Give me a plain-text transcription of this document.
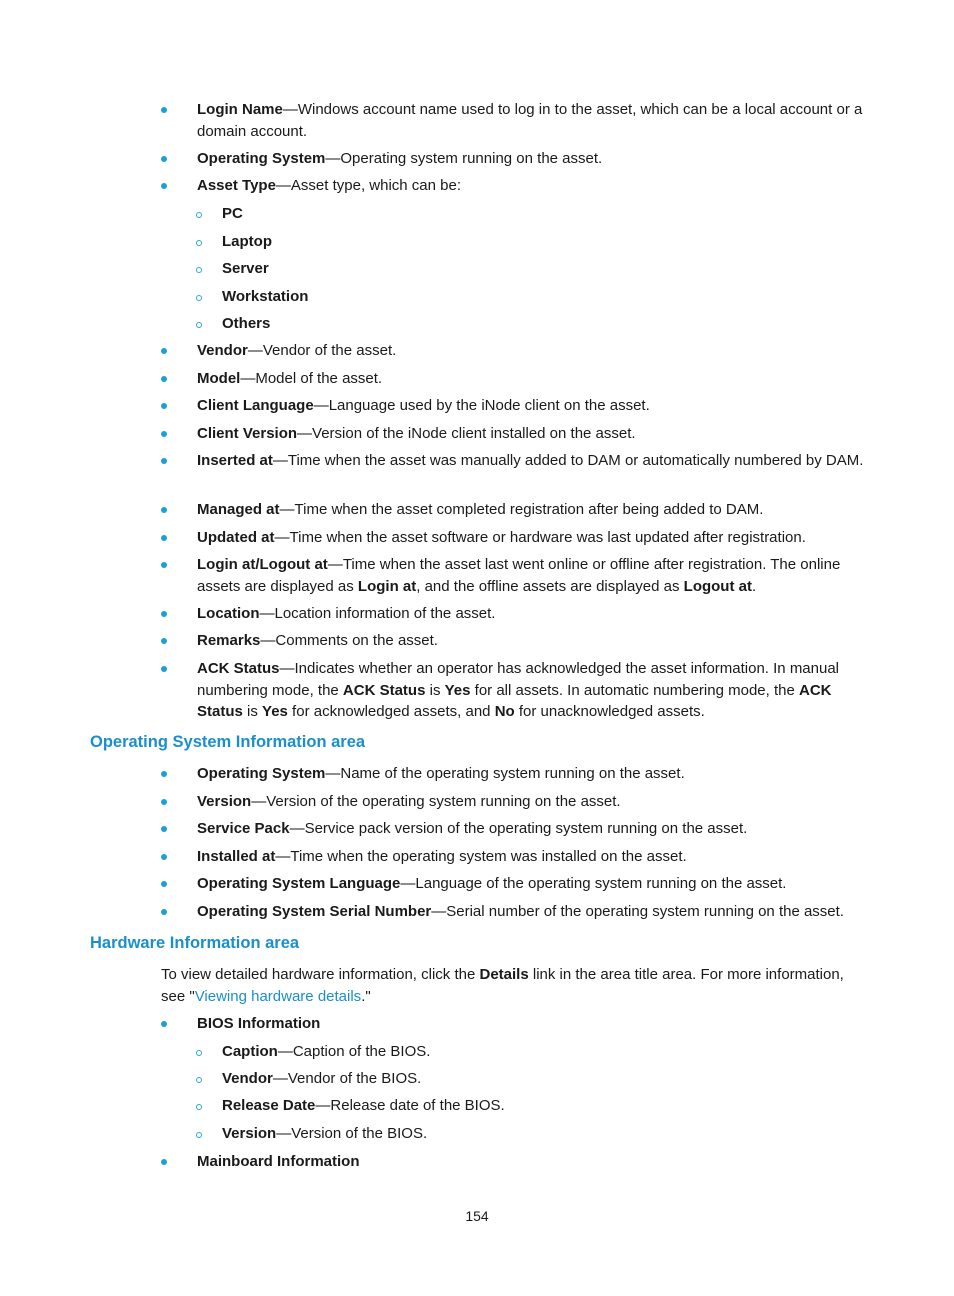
Login Name—Windows account name used to log in to the asset, which can be a local account or a domain account.
Operating System—Operating system running on the asset.
Asset Type—Asset type, which can be:
PC
Laptop
Server
Workstation
Others
Vendor—Vendor of the asset.
Model—Model of the asset.
Client Language—Language used by the iNode client on the asset.
Client Version—Version of the iNode client installed on the asset.
Inserted at—Time when the asset was manually added to DAM or automatically numbered by DAM.
Managed at—Time when the asset completed registration after being added to DAM.
Updated at—Time when the asset software or hardware was last updated after registration.
Login at/Logout at—Time when the asset last went online or offline after registration. The online assets are displayed as Login at, and the offline assets are displayed as Logout at.
Location—Location information of the asset.
Remarks—Comments on the asset.
ACK Status—Indicates whether an operator has acknowledged the asset information. In manual numbering mode, the ACK Status is Yes for all assets. In automatic numbering mode, the ACK Status is Yes for acknowledged assets, and No for unacknowledged assets.
Operating System Information area
Operating System—Name of the operating system running on the asset.
Version—Version of the operating system running on the asset.
Service Pack—Service pack version of the operating system running on the asset.
Installed at—Time when the operating system was installed on the asset.
Operating System Language—Language of the operating system running on the asset.
Operating System Serial Number—Serial number of the operating system running on the asset.
Hardware Information area
To view detailed hardware information, click the Details link in the area title area. For more information, see "Viewing hardware details."
BIOS Information
Caption—Caption of the BIOS.
Vendor—Vendor of the BIOS.
Release Date—Release date of the BIOS.
Version—Version of the BIOS.
Mainboard Information
154
